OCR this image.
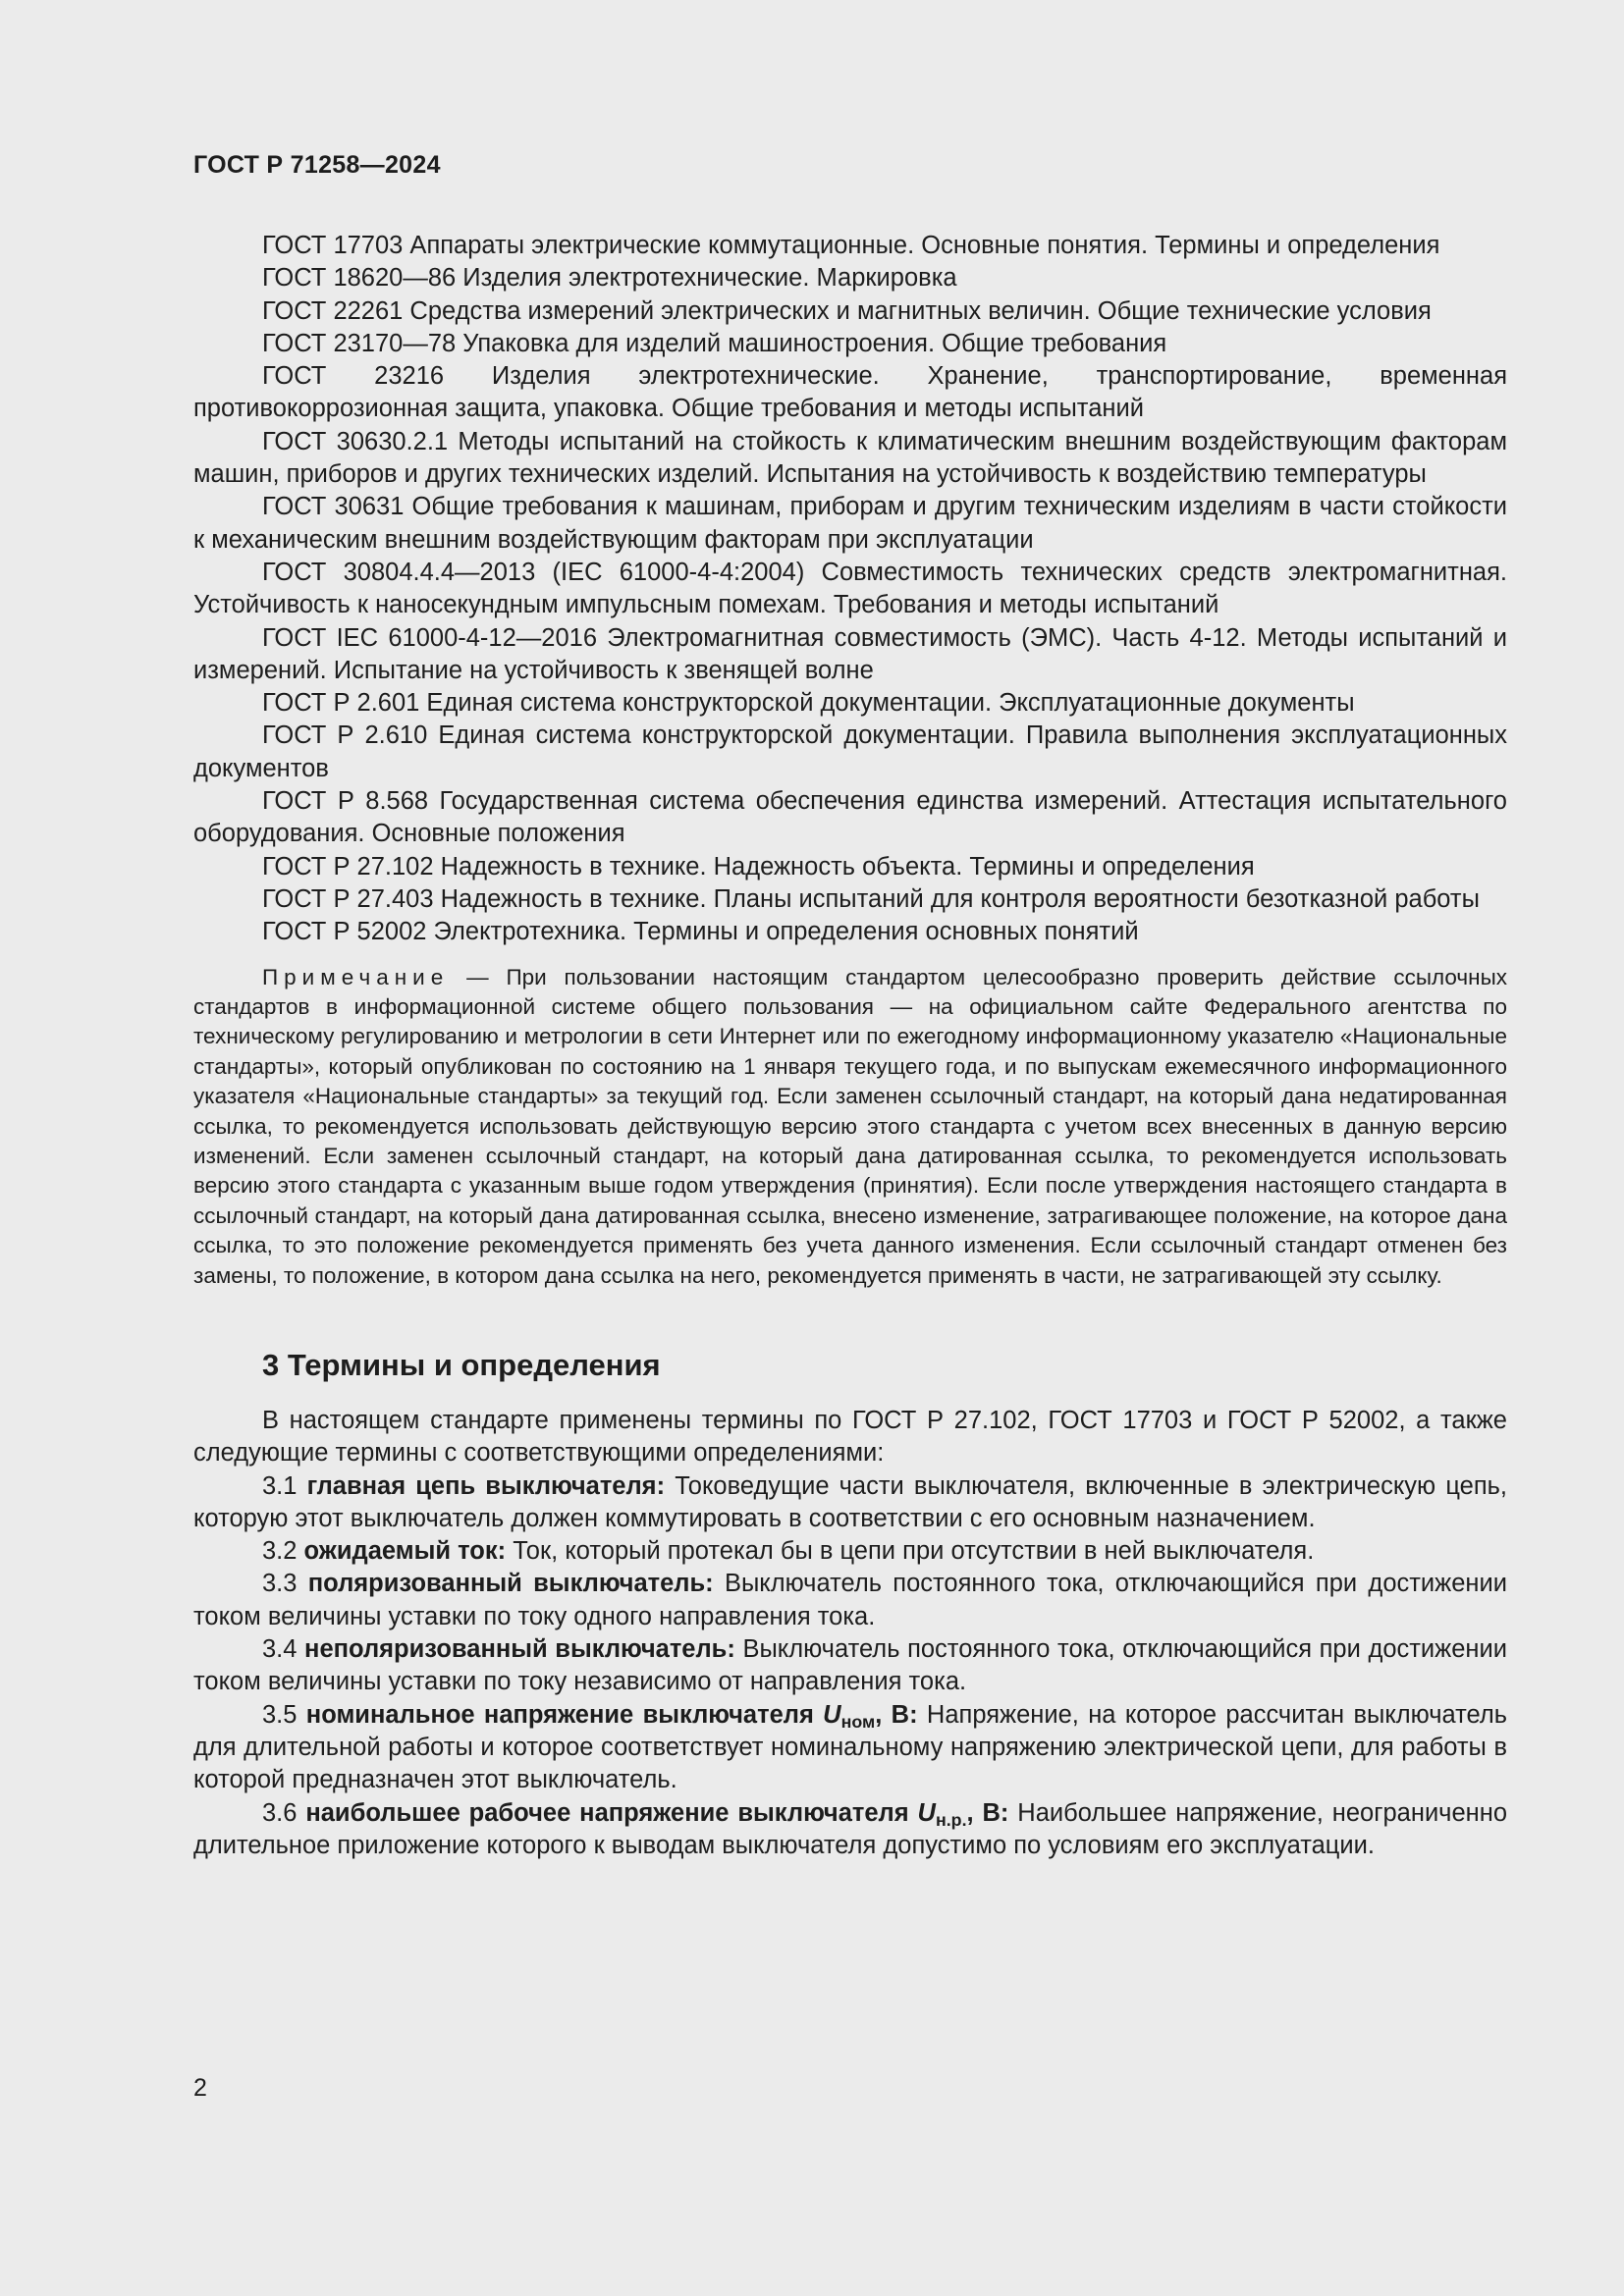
ГОСТ Р 71258—2024

ГОСТ 17703 Аппараты электрические коммутационные. Основные понятия. Термины и определения

ГОСТ 18620—86 Изделия электротехнические. Маркировка

ГОСТ 22261 Средства измерений электрических и магнитных величин. Общие технические условия

ГОСТ 23170—78 Упаковка для изделий машиностроения. Общие требования

ГОСТ 23216 Изделия электротехнические. Хранение, транспортирование, временная противокоррозионная защита, упаковка. Общие требования и методы испытаний

ГОСТ 30630.2.1 Методы испытаний на стойкость к климатическим внешним воздействующим факторам машин, приборов и других технических изделий. Испытания на устойчивость к воздействию температуры

ГОСТ 30631 Общие требования к машинам, приборам и другим техническим изделиям в части стойкости к механическим внешним воздействующим факторам при эксплуатации

ГОСТ 30804.4.4—2013 (IEC 61000-4-4:2004) Совместимость технических средств электромагнитная. Устойчивость к наносекундным импульсным помехам. Требования и методы испытаний

ГОСТ IEC 61000-4-12—2016 Электромагнитная совместимость (ЭМС). Часть 4-12. Методы испытаний и измерений. Испытание на устойчивость к звенящей волне

ГОСТ Р 2.601 Единая система конструкторской документации. Эксплуатационные документы

ГОСТ Р 2.610 Единая система конструкторской документации. Правила выполнения эксплуатационных документов

ГОСТ Р 8.568 Государственная система обеспечения единства измерений. Аттестация испытательного оборудования. Основные положения

ГОСТ Р 27.102 Надежность в технике. Надежность объекта. Термины и определения

ГОСТ Р 27.403 Надежность в технике. Планы испытаний для контроля вероятности безотказной работы

ГОСТ Р 52002 Электротехника. Термины и определения основных понятий

Примечание — При пользовании настоящим стандартом целесообразно проверить действие ссылочных стандартов в информационной системе общего пользования — на официальном сайте Федерального агентства по техническому регулированию и метрологии в сети Интернет или по ежегодному информационному указателю «Национальные стандарты», который опубликован по состоянию на 1 января текущего года, и по выпускам ежемесячного информационного указателя «Национальные стандарты» за текущий год. Если заменен ссылочный стандарт, на который дана недатированная ссылка, то рекомендуется использовать действующую версию этого стандарта с учетом всех внесенных в данную версию изменений. Если заменен ссылочный стандарт, на который дана датированная ссылка, то рекомендуется использовать версию этого стандарта с указанным выше годом утверждения (принятия). Если после утверждения настоящего стандарта в ссылочный стандарт, на который дана датированная ссылка, внесено изменение, затрагивающее положение, на которое дана ссылка, то это положение рекомендуется применять без учета данного изменения. Если ссылочный стандарт отменен без замены, то положение, в котором дана ссылка на него, рекомендуется применять в части, не затрагивающей эту ссылку.

3 Термины и определения

В настоящем стандарте применены термины по ГОСТ Р 27.102, ГОСТ 17703 и ГОСТ Р 52002, а также следующие термины с соответствующими определениями:

3.1 главная цепь выключателя: Токоведущие части выключателя, включенные в электрическую цепь, которую этот выключатель должен коммутировать в соответствии с его основным назначением.

3.2 ожидаемый ток: Ток, который протекал бы в цепи при отсутствии в ней выключателя.

3.3 поляризованный выключатель: Выключатель постоянного тока, отключающийся при достижении током величины уставки по току одного направления тока.

3.4 неполяризованный выключатель: Выключатель постоянного тока, отключающийся при достижении током величины уставки по току независимо от направления тока.

3.5 номинальное напряжение выключателя $U_{ном}$, В: Напряжение, на которое рассчитан выключатель для длительной работы и которое соответствует номинальному напряжению электрической цепи, для работы в которой предназначен этот выключатель.

3.6 наибольшее рабочее напряжение выключателя $U_{н.р.}$, В: Наибольшее напряжение, неограниченно длительное приложение которого к выводам выключателя допустимо по условиям его эксплуатации.

2
